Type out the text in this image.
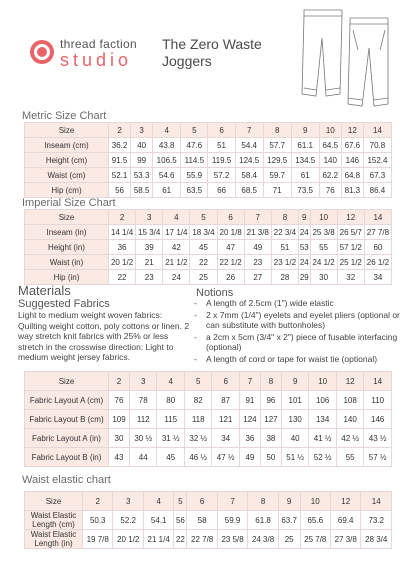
thread faction
studio
The Zero Waste Joggers
Metric Size Chart
Size	2	3	4	5	6	7	8	9	10	12	14
Inseam (cm)	36.2	40	43.8	47.6	51	54.4	57.7	61.1	64.5	67.6	70.8
Height (cm)	91.5	99	106.5	114.5	119.5	124.5	129.5	134.5	140	146	152.4
Waist (cm)	52.1	53.3	54.6	55.9	57.2	58.4	59.7	61	62.2	64.8	67.3
Hip (cm)	56	58.5	61	63.5	66	68.5	71	73.5	76	81.3	86.4
Imperial Size Chart
Size	2	3	4	5	6	7	8	9	10	12	14
Inseam (in)	14 1/4	15 3/4	17 1/4	18 3/4	20 1/8	21 3/8	22 3/4	24	25 3/8	26 5/7	27 7/8
Height (in)	36	39	42	45	47	49	51	53	55	57 1/2	60
Waist (in)	20 1/2	21	21 1/2	22	22 1/2	23	23 1/2	24	24 1/2	25 1/2	26 1/2
Hip (in)	22	23	24	25	26	27	28	29	30	32	34
Materials
Suggested Fabrics
Light to medium weight woven fabrics: Quilting weight cotton, poly cottons or linen. 2 way stretch knit fabrics with 25% or less stretch in the crosswise direction: Light to medium weight jersey fabrics.
Notions
- A length of 2.5cm (1") wide elastic
- 2 x 7mm (1/4") eyelets and eyelet pliers (optional or can substitute with buttonholes)
- a 2cm x 5cm (3/4" x 2") piece of fusable interfacing (optional)
- A length of cord or tape for waist tie (optional)
Size	2	3	4	5	6	7	8	9	10	12	14
Fabric Layout A (cm)	76	78	80	82	87	91	96	101	106	108	110
Fabric Layout B (cm)	109	112	115	118	121	124	127	130	134	140	146
Fabric Layout A (in)	30	30 ½	31 ½	32 ½	34	36	38	40	41 ½	42 ½	43 ½
Fabric Layout B (in)	43	44	45	46 ½	47 ½	49	50	51 ½	52 ½	55	57 ½
Waist elastic chart
Size	2	3	4	5	6	7	8	9	10	12	14
Waist Elastic Length (cm)	50.3	52.2	54.1	56	58	59.9	61.8	63.7	65.6	69.4	73.2
Waist Elastic Length (in)	19 7/8	20 1/2	21 1/4	22	22 7/8	23 5/8	24 3/8	25	25 7/8	27 3/8	28 3/4
